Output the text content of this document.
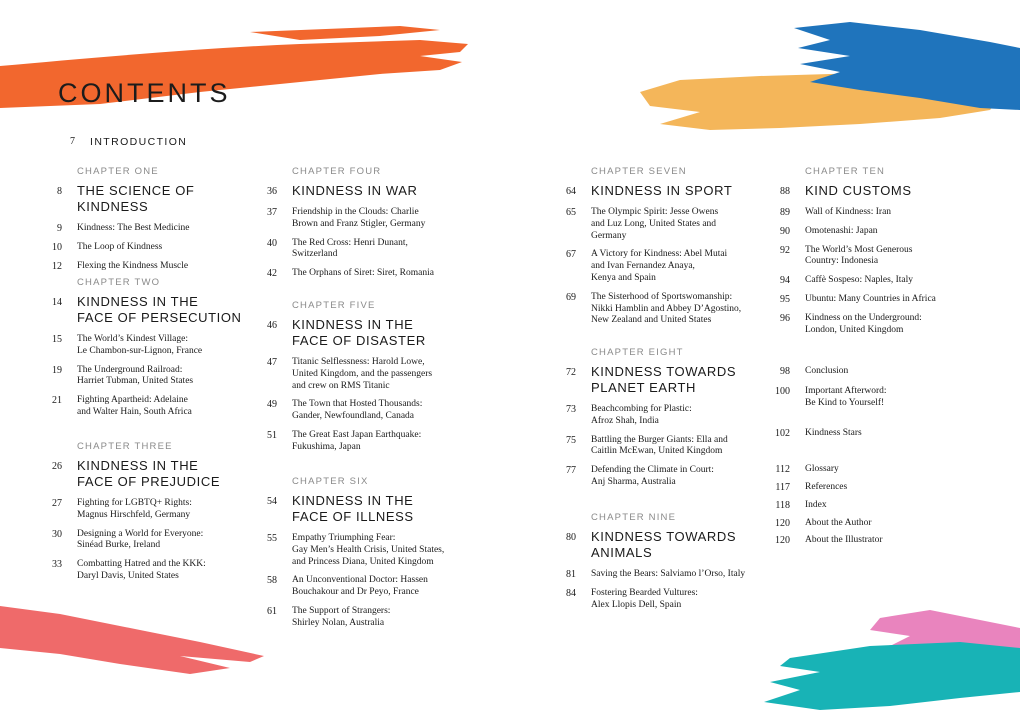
CONTENTS
7 INTRODUCTION
CHAPTER ONE
8 THE SCIENCE OF KINDNESS
9 Kindness: The Best Medicine
10 The Loop of Kindness
12 Flexing the Kindness Muscle
CHAPTER TWO
14 KINDNESS IN THE
FACE OF PERSECUTION
15 The World’s Kindest Village:
Le Chambon-sur-Lignon, France
19 The Underground Railroad:
Harriet Tubman, United States
21 Fighting Apartheid: Adelaine
and Walter Hain, South Africa
CHAPTER THREE
26 KINDNESS IN THE
FACE OF PREJUDICE
27 Fighting for LGBTQ+ Rights:
Magnus Hirschfeld, Germany
30 Designing a World for Everyone:
Sinéad Burke, Ireland
33 Combatting Hatred and the KKK:
Daryl Davis, United States
CHAPTER FOUR
36 KINDNESS IN WAR
37 Friendship in the Clouds: Charlie
Brown and Franz Stigler, Germany
40 The Red Cross: Henri Dunant,
Switzerland
42 The Orphans of Siret: Siret, Romania
CHAPTER FIVE
46 KINDNESS IN THE
FACE OF DISASTER
47 Titanic Selflessness: Harold Lowe,
United Kingdom, and the passengers
and crew on RMS Titanic
49 The Town that Hosted Thousands:
Gander, Newfoundland, Canada
51 The Great East Japan Earthquake:
Fukushima, Japan
CHAPTER SIX
54 KINDNESS IN THE
FACE OF ILLNESS
55 Empathy Triumphing Fear:
Gay Men’s Health Crisis, United States,
and Princess Diana, United Kingdom
58 An Unconventional Doctor: Hassen
Bouchakour and Dr Peyo, France
61 The Support of Strangers:
Shirley Nolan, Australia
CHAPTER SEVEN
64 KINDNESS IN SPORT
65 The Olympic Spirit: Jesse Owens
and Luz Long, United States and
Germany
67 A Victory for Kindness: Abel Mutai
and Ivan Fernandez Anaya,
Kenya and Spain
69 The Sisterhood of Sportswomanship:
Nikki Hamblin and Abbey D’Agostino,
New Zealand and United States
CHAPTER EIGHT
72 KINDNESS TOWARDS
PLANET EARTH
73 Beachcombing for Plastic:
Afroz Shah, India
75 Battling the Burger Giants: Ella and
Caitlin McEwan, United Kingdom
77 Defending the Climate in Court:
Anj Sharma, Australia
CHAPTER NINE
80 KINDNESS TOWARDS ANIMALS
81 Saving the Bears: Salviamo l’Orso, Italy
84 Fostering Bearded Vultures:
Alex Llopis Dell, Spain
CHAPTER TEN
88 KIND CUSTOMS
89 Wall of Kindness: Iran
90 Omotenashi: Japan
92 The World’s Most Generous
Country: Indonesia
94 Caffè Sospeso: Naples, Italy
95 Ubuntu: Many Countries in Africa
96 Kindness on the Underground:
London, United Kingdom
98 Conclusion
100 Important Afterword:
Be Kind to Yourself!
102 Kindness Stars
112 Glossary
117 References
118 Index
120 About the Author
120 About the Illustrator
